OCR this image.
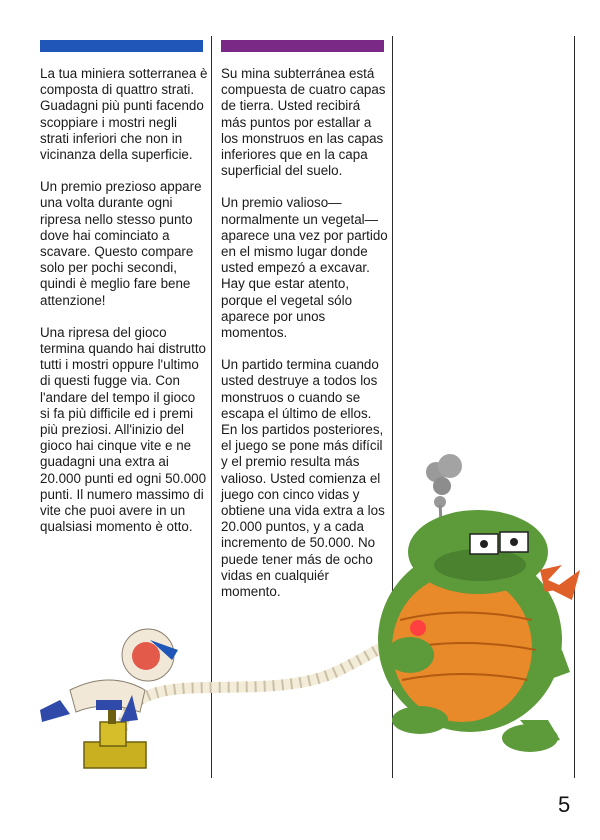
La tua miniera sotterranea è composta di quattro strati. Guadagni più punti facendo scoppiare i mostri negli strati inferiori che non in vicinanza della superficie.

Un premio prezioso appare una volta durante ogni ripresa nello stesso punto dove hai cominciato a scavare. Questo compare solo per pochi secondi, quindi è meglio fare bene attenzione!

Una ripresa del gioco termina quando hai distrutto tutti i mostri oppure l'ultimo di questi fugge via. Con l'andare del tempo il gioco si fa più difficile ed i premi più preziosi. All'inizio del gioco hai cinque vite e ne guadagni una extra ai 20.000 punti ed ogni 50.000 punti. Il numero massimo di vite che puoi avere in un qualsiasi momento è otto.

Su mina subterránea está compuesta de cuatro capas de tierra. Usted recibirá más puntos por estallar a los monstruos en las capas inferiores que en la capa superficial del suelo.

Un premio valioso—normalmente un vegetal—aparece una vez por partido en el mismo lugar donde usted empezó a excavar. Hay que estar atento, porque el vegetal sólo aparece por unos momentos.

Un partido termina cuando usted destruye a todos los monstruos o cuando se escapa el último de ellos. En los partidos posteriores, el juego se pone más difícil y el premio resulta más valioso. Usted comienza el juego con cinco vidas y obtiene una vida extra a los 20.000 puntos, y a cada incremento de 50.000. No puede tener más de ocho vidas en cualquiér momento.

5
